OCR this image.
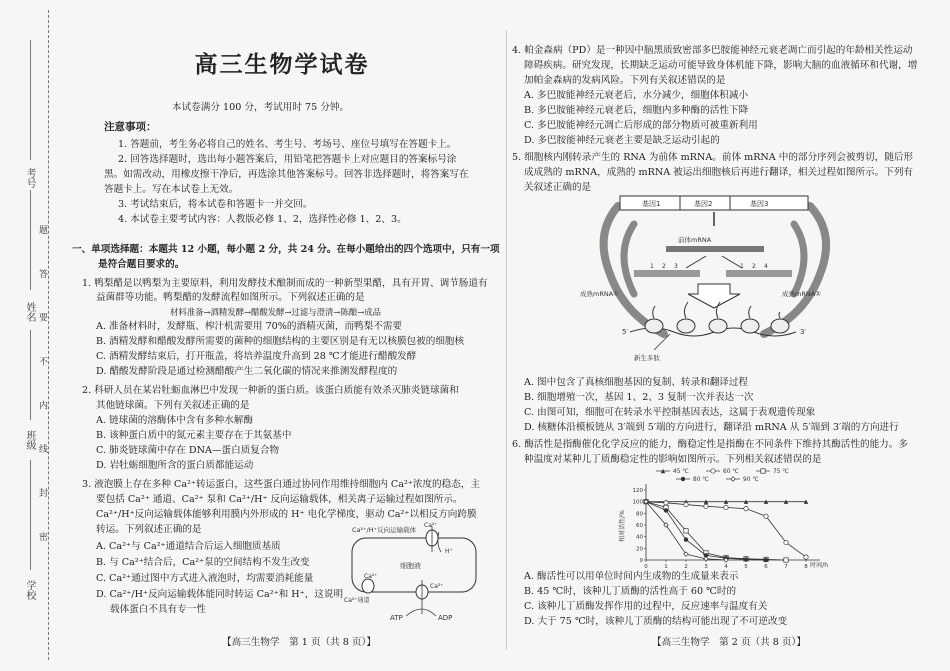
考号
姓名
班级
学校
题 答 要 不 内 线 封 密
高三生物学试卷
本试卷满分 100 分，考试用时 75 分钟。
注意事项：
1. 答题前，考生务必将自己的姓名、考生号、考场号、座位号填写在答题卡上。
2. 回答选择题时，选出每小题答案后，用铅笔把答题卡上对应题目的答案标号涂
黑。如需改动，用橡皮擦干净后，再选涂其他答案标号。回答非选择题时，将答案写在
答题卡上。写在本试卷上无效。
3. 考试结束后，将本试卷和答题卡一并交回。
4. 本试卷主要考试内容：人教版必修 1、2，选择性必修 1、2、3。
一、单项选择题：本题共 12 小题，每小题 2 分，共 24 分。在每小题给出的四个选项中，只有一项
是符合题目要求的。
1. 鸭梨醋是以鸭梨为主要原料，利用发酵技术酿制而成的一种新型果醋，具有开胃、调节肠道有
益菌群等功能。鸭梨醋的发酵流程如图所示。下列叙述正确的是
材料准备→酒精发酵→醋酸发酵→过滤与澄清→陈酿→成品
A. 准备材料时，发酵瓶、榨汁机需要用 70%的酒精灭菌，而鸭梨不需要
B. 酒精发酵和醋酸发酵所需要的菌种的细胞结构的主要区别是有无以核膜包被的细胞核
C. 酒精发酵结束后，打开瓶盖，将培养温度升高到 28 ℃才能进行醋酸发酵
D. 醋酸发酵阶段是通过检测醋酸产生二氧化碳的情况来推测发酵程度的
2. 科研人员在某岩牡蛎血淋巴中发现一种新的蛋白质。该蛋白质能有效杀灭肺炎链球菌和
其他链球菌。下列有关叙述正确的是
A. 链球菌的溶酶体中含有多种水解酶
B. 该种蛋白质中的氮元素主要存在于其氨基中
C. 肺炎链球菌中存在 DNA—蛋白质复合物
D. 岩牡蛎细胞所含的蛋白质都能运动
3. 液泡膜上存在多种 Ca²⁺转运蛋白，这些蛋白通过协同作用维持细胞内 Ca²⁺浓度的稳态，主
要包括 Ca²⁺ 通道、Ca²⁺ 泵和 Ca²⁺/H⁺ 反向运输载体，相关离子运输过程如图所示。
Ca²⁺/H⁺反向运输载体能够利用膜内外形成的 H⁺ 电化学梯度，驱动 Ca²⁺以相反方向跨膜
转运。下列叙述正确的是
A. Ca²⁺与 Ca²⁺通道结合后运入细胞质基质
B. 与 Ca²⁺结合后，Ca²⁺泵的空间结构不发生改变
C. Ca²⁺通过图中方式进入液泡时，均需要消耗能量
D. Ca²⁺/H⁺反向运输载体能同时转运 Ca²⁺和 H⁺，这说明
载体蛋白不具有专一性
Ca²⁺/H⁺反向运输载体
细胞液
Ca²⁺
H⁺
Ca²⁺
Ca²⁺通道
Ca²⁺
ATP	ADP
【高三生物学　第 1 页（共 8 页）】
4. 帕金森病（PD）是一种因中脑黑质致密部多巴胺能神经元衰老凋亡而引起的年龄相关性运动
障碍疾病。研究发现，长期缺乏运动可能导致身体机能下降，影响大脑的血液循环和代谢，增
加帕金森病的发病风险。下列有关叙述错误的是
A. 多巴胺能神经元衰老后，水分减少，细胞体积减小
B. 多巴胺能神经元衰老后，细胞内多种酶的活性下降
C. 多巴胺能神经元凋亡后形成的部分物质可被重新利用
D. 多巴胺能神经元衰老主要是缺乏运动引起的
5. 细胞核内刚转录产生的 RNA 为前体 mRNA。前体 mRNA 中的部分序列会被剪切，随后形
成成熟的 mRNA，成熟的 mRNA 被运出细胞核后再进行翻译，相关过程如图所示。下列有
关叙述正确的是
基因1	基因2	基因3
前体mRNA
1 2 3	1 2 4
成熟mRNA①	成熟mRNA②
5′	3′
新生多肽
A. 图中包含了真核细胞基因的复制、转录和翻译过程
B. 细胞增殖一次，基因 1、2、3 复制一次并表达一次
C. 由图可知，细胞可在转录水平控制基因表达，这属于表观遗传现象
D. 核糖体沿模板链从 3′端到 5′端的方向进行，翻译沿 mRNA 从 5′端到 3′端的方向进行
6. 酶活性是指酶催化化学反应的能力，酶稳定性是指酶在不同条件下维持其酶活性的能力。多
种温度对某种儿丁质酶稳定性的影响如图所示。下列相关叙述错误的是
45 ℃	60 ℃	75 ℃
80 ℃	90 ℃
0
20
40
60
80
100
120
0	1	2	3	4	5	6	7	8
相对活性/%
时间/h
A. 酶活性可以用单位时间内生成物的生成量来表示
B. 45 ℃时，该种儿丁质酶的活性高于 60 ℃时的
C. 该种儿丁质酶发挥作用的过程中，反应速率与温度有关
D. 大于 75 ℃时，该种儿丁质酶的结构可能出现了不可逆改变
【高三生物学　第 2 页（共 8 页）】
